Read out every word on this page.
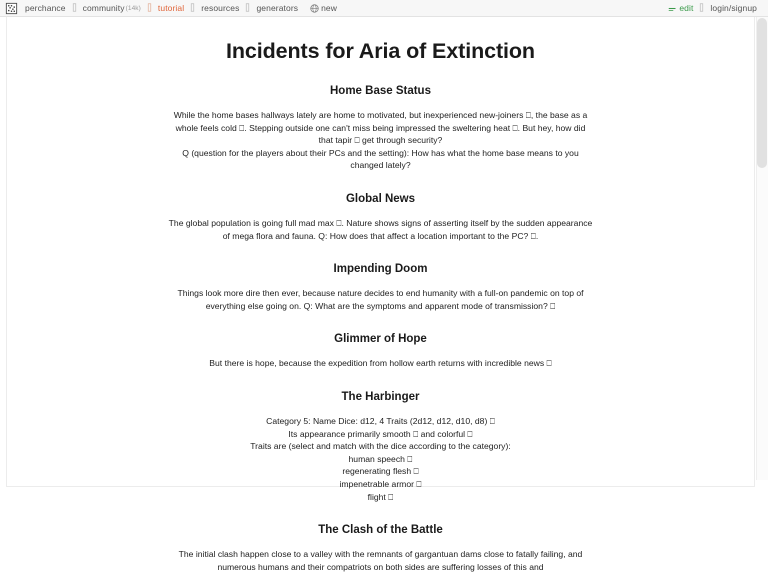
perchance	community(14k)	tutorial	resources	generators	new	edit	login/signup
Incidents for Aria of Extinction
Home Base Status

While the home bases hallways lately are home to motivated, but inexperienced new-joiners ⎕, the base as a whole feels cold ⎕. Stepping outside one can't miss being impressed the sweltering heat ⎕. But hey, how did that tapir ⎕ get through security?

Q (question for the players about their PCs and the setting): How has what the home base means to you changed lately?

Global News

The global population is going full mad max ⎕. Nature shows signs of asserting itself by the sudden appearance of mega flora and fauna. Q: How does that affect a location important to the PC? ⎕.

Impending Doom

Things look more dire then ever, because nature decides to end humanity with a full-on pandemic on top of everything else going on. Q: What are the symptoms and apparent mode of transmission? ⎕

Glimmer of Hope

But there is hope, because the expedition from hollow earth returns with incredible news ⎕

The Harbinger

Category 5: Name Dice: d12, 4 Traits (2d12, d12, d10, d8) ⎕

Its appearance primarily smooth ⎕ and colorful ⎕

Traits are (select and match with the dice according to the category):

human speech ⎕

regenerating flesh ⎕

impenetrable armor ⎕

flight ⎕

The Clash of the Battle

The initial clash happen close to a valley with the remnants of gargantuan dams close to fatally failing, and numerous humans and their compatriots on both sides are suffering losses of this and
